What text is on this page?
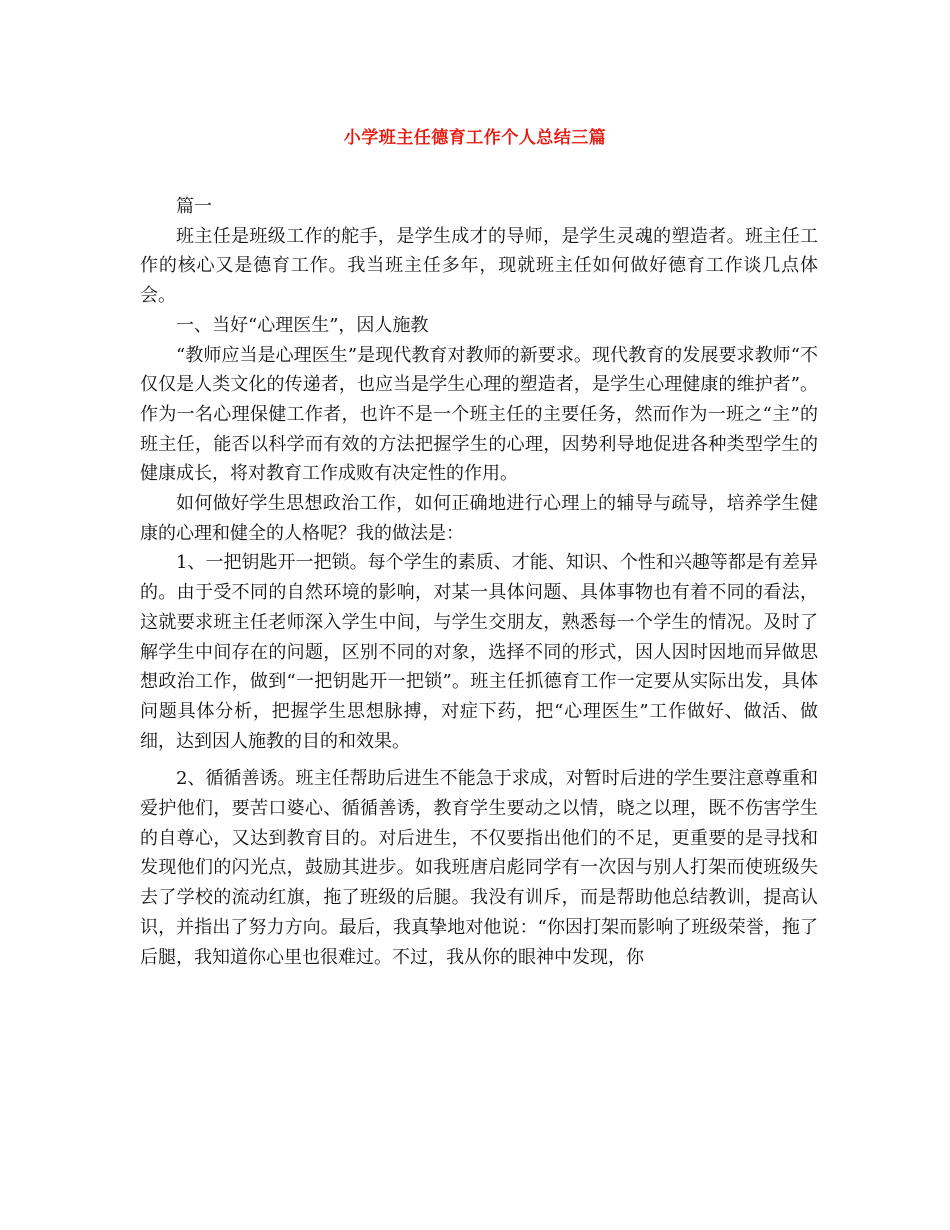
小学班主任德育工作个人总结三篇

篇一

班主任是班级工作的舵手，是学生成才的导师，是学生灵魂的塑造者。班主任工作的核心又是德育工作。我当班主任多年，现就班主任如何做好德育工作谈几点体会。

一、当好“心理医生”，因人施教

“教师应当是心理医生”是现代教育对教师的新要求。现代教育的发展要求教师“不仅仅是人类文化的传递者，也应当是学生心理的塑造者，是学生心理健康的维护者”。作为一名心理保健工作者，也许不是一个班主任的主要任务，然而作为一班之“主”的班主任，能否以科学而有效的方法把握学生的心理，因势利导地促进各种类型学生的健康成长，将对教育工作成败有决定性的作用。

如何做好学生思想政治工作，如何正确地进行心理上的辅导与疏导，培养学生健康的心理和健全的人格呢？我的做法是：

1、一把钥匙开一把锁。每个学生的素质、才能、知识、个性和兴趣等都是有差异的。由于受不同的自然环境的影响，对某一具体问题、具体事物也有着不同的看法，这就要求班主任老师深入学生中间，与学生交朋友，熟悉每一个学生的情况。及时了解学生中间存在的问题，区别不同的对象，选择不同的形式，因人因时因地而异做思想政治工作，做到“一把钥匙开一把锁”。班主任抓德育工作一定要从实际出发，具体问题具体分析，把握学生思想脉搏，对症下药，把“心理医生”工作做好、做活、做细，达到因人施教的目的和效果。

2、循循善诱。班主任帮助后进生不能急于求成，对暂时后进的学生要注意尊重和爱护他们，要苦口婆心、循循善诱，教育学生要动之以情，晓之以理，既不伤害学生的自尊心，又达到教育目的。对后进生，不仅要指出他们的不足，更重要的是寻找和发现他们的闪光点，鼓励其进步。如我班唐启彪同学有一次因与别人打架而使班级失去了学校的流动红旗，拖了班级的后腿。我没有训斥，而是帮助他总结教训，提高认识，并指出了努力方向。最后，我真挚地对他说：“你因打架而影响了班级荣誉，拖了后腿，我知道你心里也很难过。不过，我从你的眼神中发现，你
